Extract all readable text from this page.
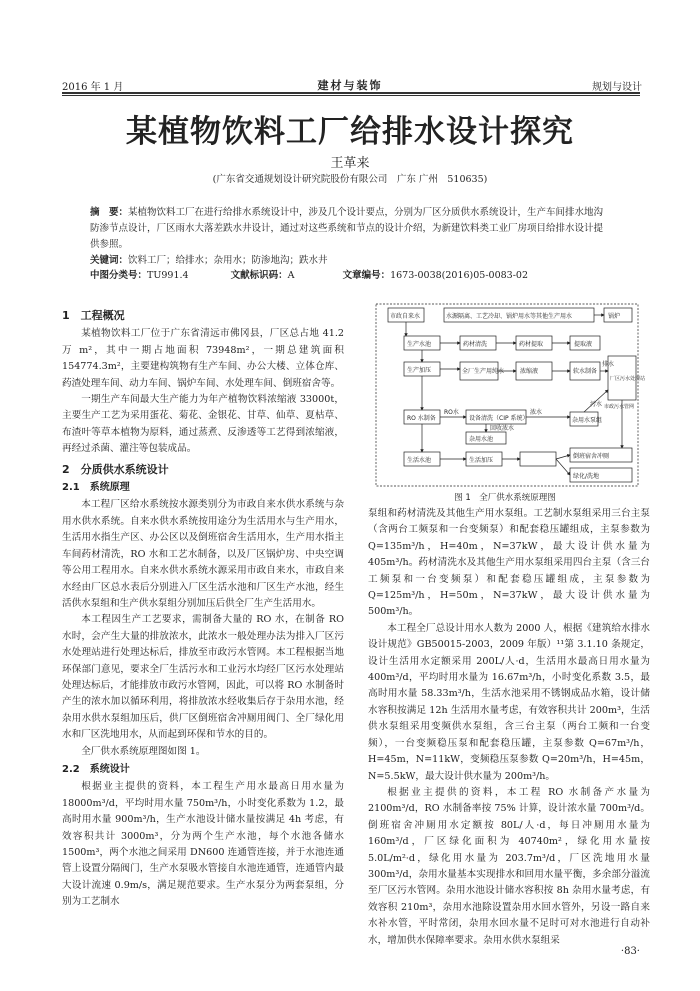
2016 年 1 月	建材与装饰	规划与设计
某植物饮料工厂给排水设计探究
王革来
(广东省交通规划设计研究院股份有限公司　广东 广州　510635)
摘　要：某植物饮料工厂在进行给排水系统设计中，涉及几个设计要点，分别为厂区分质供水系统设计，生产车间排水地沟防渗节点设计，厂区雨水大落差跌水井设计，通过对这些系统和节点的设计介绍，为新建饮料类工业厂房项目给排水设计提供参照。
关键词：饮料工厂；给排水；杂用水；防渗地沟；跌水井
中图分类号：TU991.4	文献标识码：A	文章编号：1673-0038(2016)05-0083-02
1　工程概况

某植物饮料工厂位于广东省清远市佛冈县，厂区总占地 41.2 万 m²，其中一期占地面积 73948m²，一期总建筑面积 154774.3m²，主要建构筑物有生产车间、办公大楼、立体仓库、药渣处理车间、动力车间、锅炉车间、水处理车间、倒班宿舍等。

一期生产车间最大生产能力为年产植物饮料浓缩液 33000t，主要生产工艺为采用蛋花、菊花、金银花、甘草、仙草、夏枯草、布渣叶等草本植物为原料，通过蒸煮、反渗透等工艺得到浓缩液，再经过杀菌、灌注等包装成品。

2　分质供水系统设计
2.1　系统原理

本工程厂区给水系统按水源类别分为市政自来水供水系统与杂用水供水系统。自来水供水系统按用途分为生活用水与生产用水，生活用水指生产区、办公区以及倒班宿舍生活用水，生产用水指主车间药材清洗，RO 水和工艺水制备，以及厂区锅炉房、中央空调等公用工程用水。自来水供水系统水源采用市政自来水，市政自来水经由厂区总水表后分别进入厂区生活水池和厂区生产水池，经生活供水泵组和生产供水泵组分别加压后供全厂生产生活用水。

本工程因生产工艺要求，需制备大量的 RO 水，在制备 RO 水时，会产生大量的排放浓水，此浓水一般处理办法为排入厂区污水处理站进行处理达标后，排放至市政污水管网。本工程根据当地环保部门意见，要求全厂生活污水和工业污水均经厂区污水处理站处理达标后，才能排放市政污水管网，因此，可以将 RO 水制备时产生的浓水加以循环利用，将排放浓水经收集后存于杂用水池，经杂用水供水泵组加压后，供厂区倒班宿舍冲厕用阀门、全厂绿化用水和厂区洗地用水，从而起到环保和节水的目的。

全厂供水系统原理图如图 1。

2.2　系统设计

根据业主提供的资料，本工程生产用水最高日用水量为 18000m³/d，平均时用水量 750m³/h，小时变化系数为 1.2，最高时用水量 900m³/h，生产水池设计储水量按满足 4h 考虑，有效容积共计 3000m³，分为两个生产水池，每个水池各储水 1500m³，两个水池之间采用 DN600 连通管连接，并于水池连通管上设置分隔阀门，生产水泵吸水管接自水池连通管，连通管内最大设计流速 0.9m/s，满足规范要求。生产水泵分为两套泵组，分别为工艺制水

市政自来水	水源隔离、工艺冷却、锅炉用水等其他生产用水	锅炉
生产水池	药材清洗	药材提取	提取液
生产加压	全厂生产用纯水	浓缩液	软水制备
厂区污水处理站
RO 水制备	设备清洗（CIP 系统）
杂用水池
杂用水泵组
生活水池	生活加压
倒班宿舍冲厕
绿化/洗地
RO水	浓水
回收浓水
排水
污水 市政污水管网
图 1　全厂供水系统原理图

泵组和药材清洗及其他生产用水泵组。工艺制水泵组采用三台主泵（含两台工频泵和一台变频泵）和配套稳压罐组成，主泵参数为 Q=135m³/h，H=40m，N=37kW，最大设计供水量为 405m³/h。药材清洗水及其他生产用水泵组采用四台主泵（含三台工频泵和一台变频泵）和配套稳压罐组成，主泵参数为 Q=125m³/h，H=50m，N=37kW，最大设计供水量为 500m³/h。

本工程全厂总设计用水人数为 2000 人，根据《建筑给水排水设计规范》GB50015-2003，2009 年版）¹¹第 3.1.10 条规定，设计生活用水定额采用 200L/人·d，生活用水最高日用水量为 400m³/d，平均时用水量为 16.67m³/h，小时变化系数 3.5，最高时用水量 58.33m³/h，生活水池采用不锈钢成品水箱，设计储水容积按满足 12h 生活用水量考虑，有效容积共计 200m³，生活供水泵组采用变频供水泵组，含三台主泵（两台工频和一台变频），一台变频稳压泵和配套稳压罐，主泵参数 Q=67m³/h，H=45m，N=11kW，变频稳压泵参数 Q=20m³/h，H=45m，N=5.5kW，最大设计供水量为 200m³/h。

根据业主提供的资料，本工程 RO 水制备产水量为 2100m³/d，RO 水制备率按 75% 计算，设计浓水量 700m³/d。倒班宿舍冲厕用水定额按 80L/人·d，每日冲厕用水量为 160m³/d，厂区绿化面积为 40740m²，绿化用水量按 5.0L/m²·d，绿化用水量为 203.7m³/d，厂区洗地用水量 300m³/d，杂用水量基本实现排水和回用水量平衡，多余部分溢流至厂区污水管网。杂用水池设计储水容积按 8h 杂用水量考虑，有效容积 210m³，杂用水池除设置杂用水回水管外，另设一路自来水补水管，平时常闭，杂用水回水量不足时可对水池进行自动补水，增加供水保障率要求。杂用水供水泵组采

·83·
